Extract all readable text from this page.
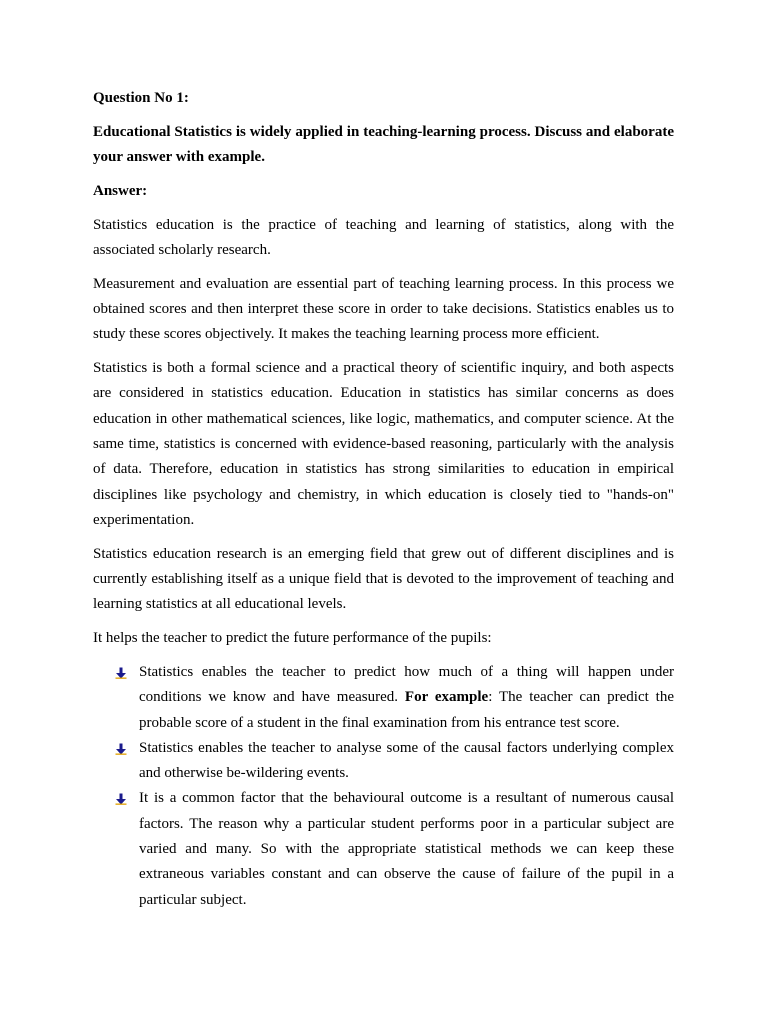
Question No 1:

Educational Statistics is widely applied in teaching-learning process. Discuss and elaborate your answer with example.

Answer:

Statistics education is the practice of teaching and learning of statistics, along with the associated scholarly research.

Measurement and evaluation are essential part of teaching learning process. In this process we obtained scores and then interpret these score in order to take decisions. Statistics enables us to study these scores objectively. It makes the teaching learning process more efficient.

Statistics is both a formal science and a practical theory of scientific inquiry, and both aspects are considered in statistics education. Education in statistics has similar concerns as does education in other mathematical sciences, like logic, mathematics, and computer science. At the same time, statistics is concerned with evidence-based reasoning, particularly with the analysis of data. Therefore, education in statistics has strong similarities to education in empirical disciplines like psychology and chemistry, in which education is closely tied to "hands-on" experimentation.

Statistics education research is an emerging field that grew out of different disciplines and is currently establishing itself as a unique field that is devoted to the improvement of teaching and learning statistics at all educational levels.

It helps the teacher to predict the future performance of the pupils:

Statistics enables the teacher to predict how much of a thing will happen under conditions we know and have measured. For example: The teacher can predict the probable score of a student in the final examination from his entrance test score.
Statistics enables the teacher to analyse some of the causal factors underlying complex and otherwise be-wildering events.
It is a common factor that the behavioural outcome is a resultant of numerous causal factors. The reason why a particular student performs poor in a particular subject are varied and many. So with the appropriate statistical methods we can keep these extraneous variables constant and can observe the cause of failure of the pupil in a particular subject.
